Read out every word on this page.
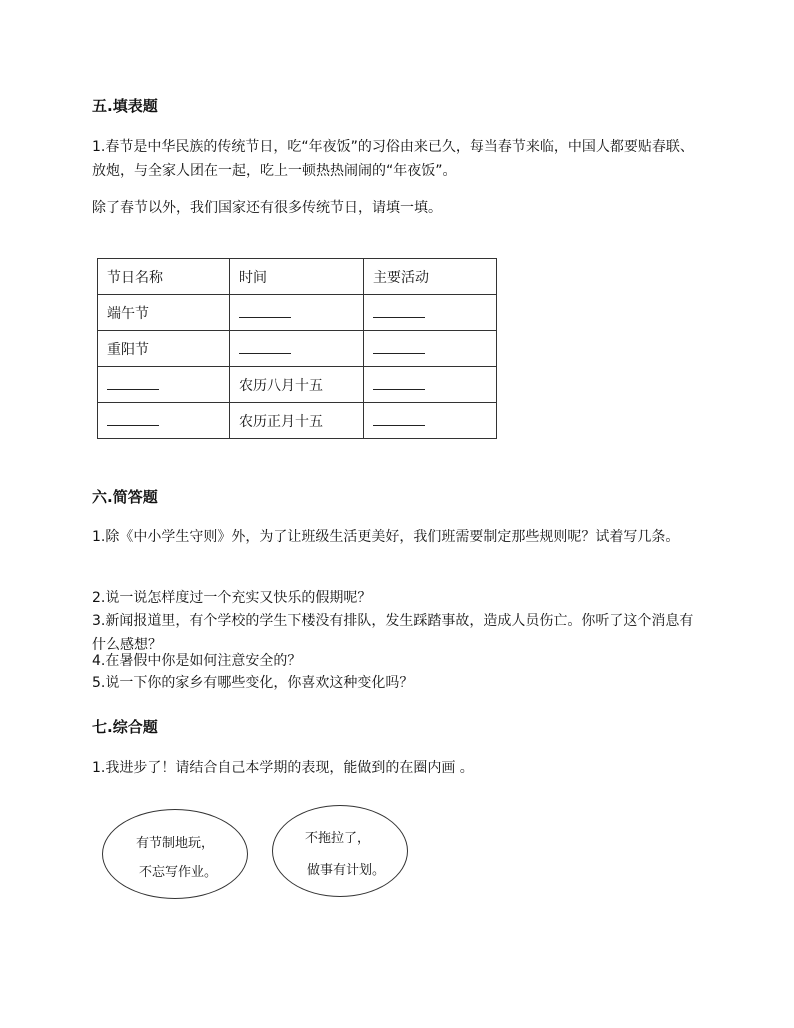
五.填表题
1.春节是中华民族的传统节日，吃“年夜饭”的习俗由来已久，每当春节来临，中国人都要贴春联、放炮，与全家人团在一起，吃上一顿热热闹闹的“年夜饭”。
除了春节以外，我们国家还有很多传统节日，请填一填。
节日名称	时间	主要活动
端午节		
重阳节		
	农历八月十五	
	农历正月十五	
六.简答题
1.除《中小学生守则》外，为了让班级生活更美好，我们班需要制定那些规则呢？试着写几条。
2.说一说怎样度过一个充实又快乐的假期呢？
3.新闻报道里，有个学校的学生下楼没有排队，发生踩踏事故，造成人员伤亡。你听了这个消息有什么感想？
4.在暑假中你是如何注意安全的？
5.说一下你的家乡有哪些变化，你喜欢这种变化吗？
七.综合题
1.我进步了！请结合自己本学期的表现，能做到的在圈内画 。
有节制地玩，
不忘写作业。
不拖拉了，
做事有计划。
